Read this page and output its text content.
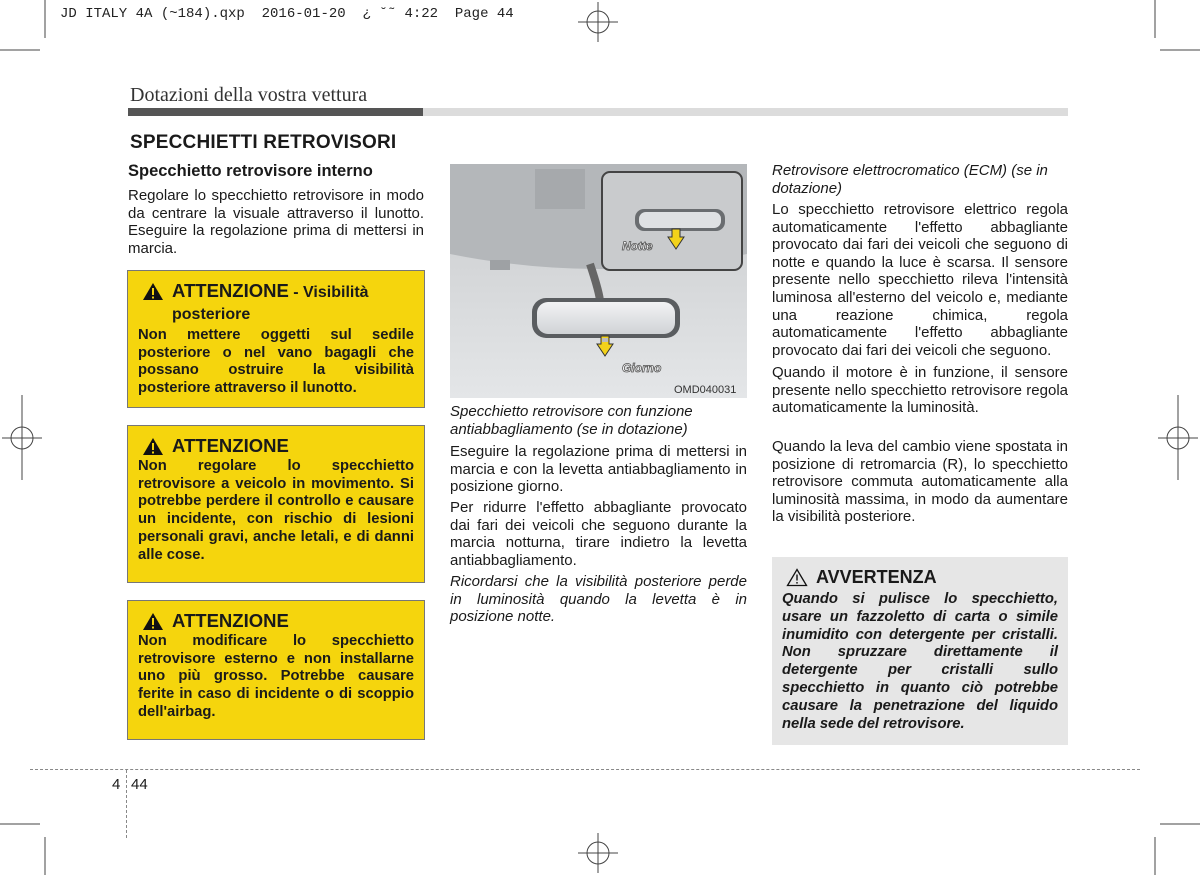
JD ITALY 4A (~184).qxp  2016-01-20  ¿ ˘˜ 4:22  Page 44
Dotazioni della vostra vettura
SPECCHIETTI RETROVISORI
Specchietto retrovisore interno
Regolare lo specchietto retrovisore in modo da centrare la visuale attraverso il lunotto. Eseguire la regolazione prima di mettersi in marcia.
ATTENZIONE - Visibilità posteriore
Non mettere oggetti sul sedile posteriore o nel vano bagagli che possano ostruire la visibilità posteriore attraverso il lunotto.
ATTENZIONE
Non regolare lo specchietto retrovisore a veicolo in movimento. Si potrebbe perdere il controllo e causare un incidente, con rischio di lesioni personali gravi, anche letali, e di danni alle cose.
ATTENZIONE
Non modificare lo specchietto retrovisore esterno e non installarne uno più grosso. Potrebbe causare ferite in caso di incidente o di scoppio dell'airbag.
Giorno
OMD040031
Notte
Specchietto retrovisore con funzione antiabbagliamento (se in dotazione)
Eseguire la regolazione prima di mettersi in marcia e con la levetta antiabbagliamento in posizione giorno.
Per ridurre l'effetto abbagliante provocato dai fari dei veicoli che seguono durante la marcia notturna, tirare indietro la levetta antiabbagliamento.
Ricordarsi che la visibilità posteriore perde in luminosità quando la levetta è in posizione notte.
Retrovisore elettrocromatico (ECM) (se in dotazione)
Lo specchietto retrovisore elettrico regola automaticamente l'effetto abbagliante provocato dai fari dei veicoli che seguono di notte e quando la luce è scarsa. Il sensore presente nello specchietto rileva l'intensità luminosa all'esterno del veicolo e, mediante una reazione chimica, regola automaticamente l'effetto abbagliante provocato dai fari dei veicoli che seguono.
Quando il motore è in funzione, il sensore presente nello specchietto retrovisore regola automaticamente la luminosità.
Quando la leva del cambio viene spostata in posizione di retromarcia (R), lo specchietto retrovisore commuta automaticamente alla luminosità massima, in modo da aumentare la visibilità posteriore.
AVVERTENZA
Quando si pulisce lo specchietto, usare un fazzoletto di carta o simile inumidito con detergente per cristalli. Non spruzzare direttamente il detergente per cristalli sullo specchietto in quanto ciò potrebbe causare la penetrazione del liquido nella sede del retrovisore.
4 44
